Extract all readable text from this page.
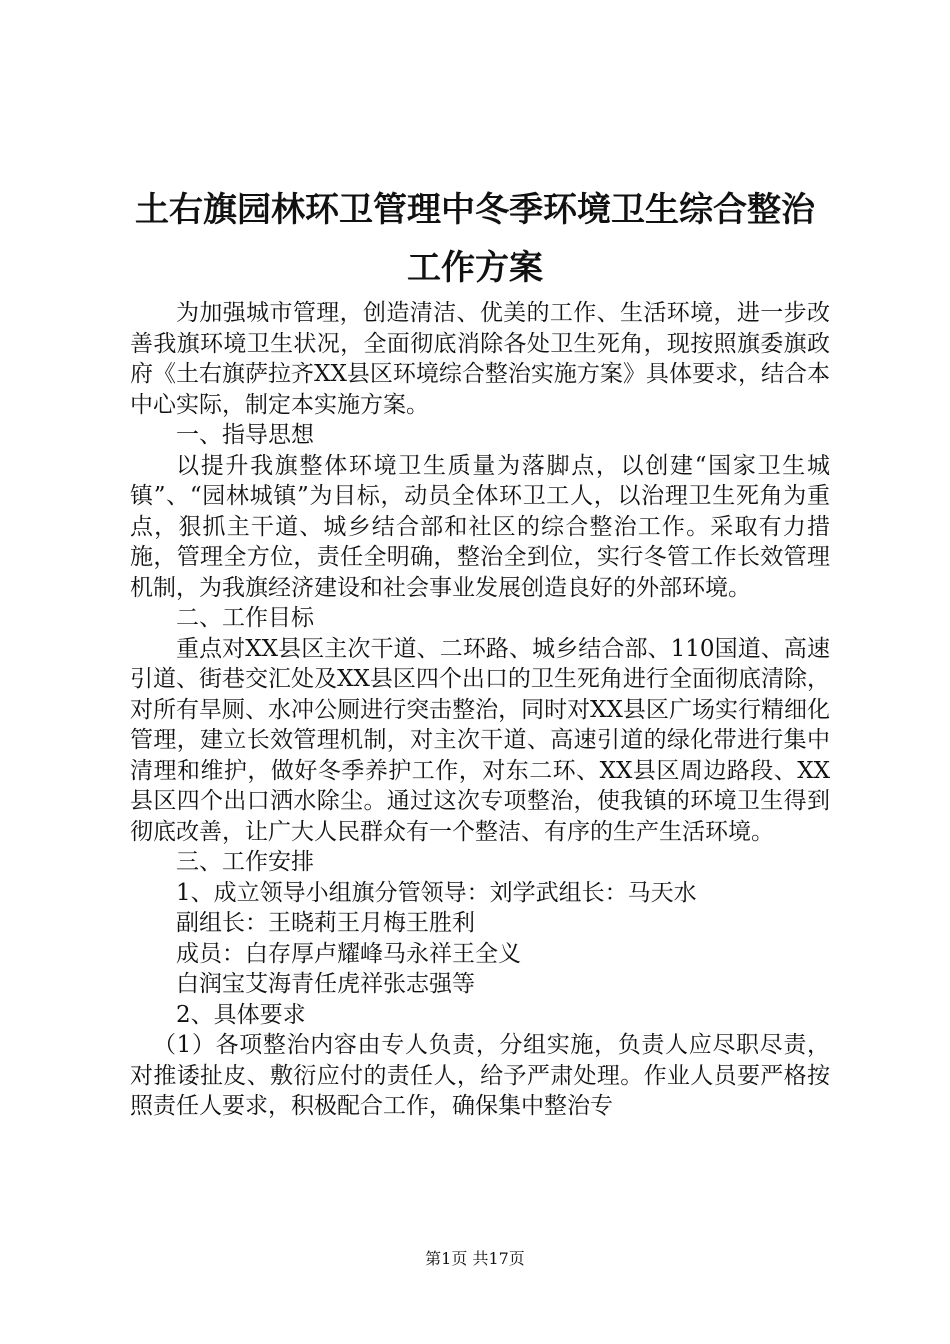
土右旗园林环卫管理中冬季环境卫生综合整治
工作方案

为加强城市管理，创造清洁、优美的工作、生活环境，进一步改善我旗环境卫生状况，全面彻底消除各处卫生死角，现按照旗委旗政府《土右旗萨拉齐XX县区环境综合整治实施方案》具体要求，结合本中心实际，制定本实施方案。

一、指导思想

以提升我旗整体环境卫生质量为落脚点，以创建“国家卫生城镇”、“园林城镇”为目标，动员全体环卫工人，以治理卫生死角为重点，狠抓主干道、城乡结合部和社区的综合整治工作。采取有力措施，管理全方位，责任全明确，整治全到位，实行冬管工作长效管理机制，为我旗经济建设和社会事业发展创造良好的外部环境。

二、工作目标

重点对XX县区主次干道、二环路、城乡结合部、110国道、高速引道、街巷交汇处及XX县区四个出口的卫生死角进行全面彻底清除，对所有旱厕、水冲公厕进行突击整治，同时对XX县区广场实行精细化管理，建立长效管理机制，对主次干道、高速引道的绿化带进行集中清理和维护，做好冬季养护工作，对东二环、XX县区周边路段、XX县区四个出口洒水除尘。通过这次专项整治，使我镇的环境卫生得到彻底改善，让广大人民群众有一个整洁、有序的生产生活环境。

三、工作安排

1、成立领导小组旗分管领导：刘学武组长：马天水

副组长：王晓莉王月梅王胜利

成员：白存厚卢耀峰马永祥王全义

白润宝艾海青任虎祥张志强等

2、具体要求

（1）各项整治内容由专人负责，分组实施，负责人应尽职尽责，对推诿扯皮、敷衍应付的责任人，给予严肃处理。作业人员要严格按照责任人要求，积极配合工作，确保集中整治专

第1页 共17页
